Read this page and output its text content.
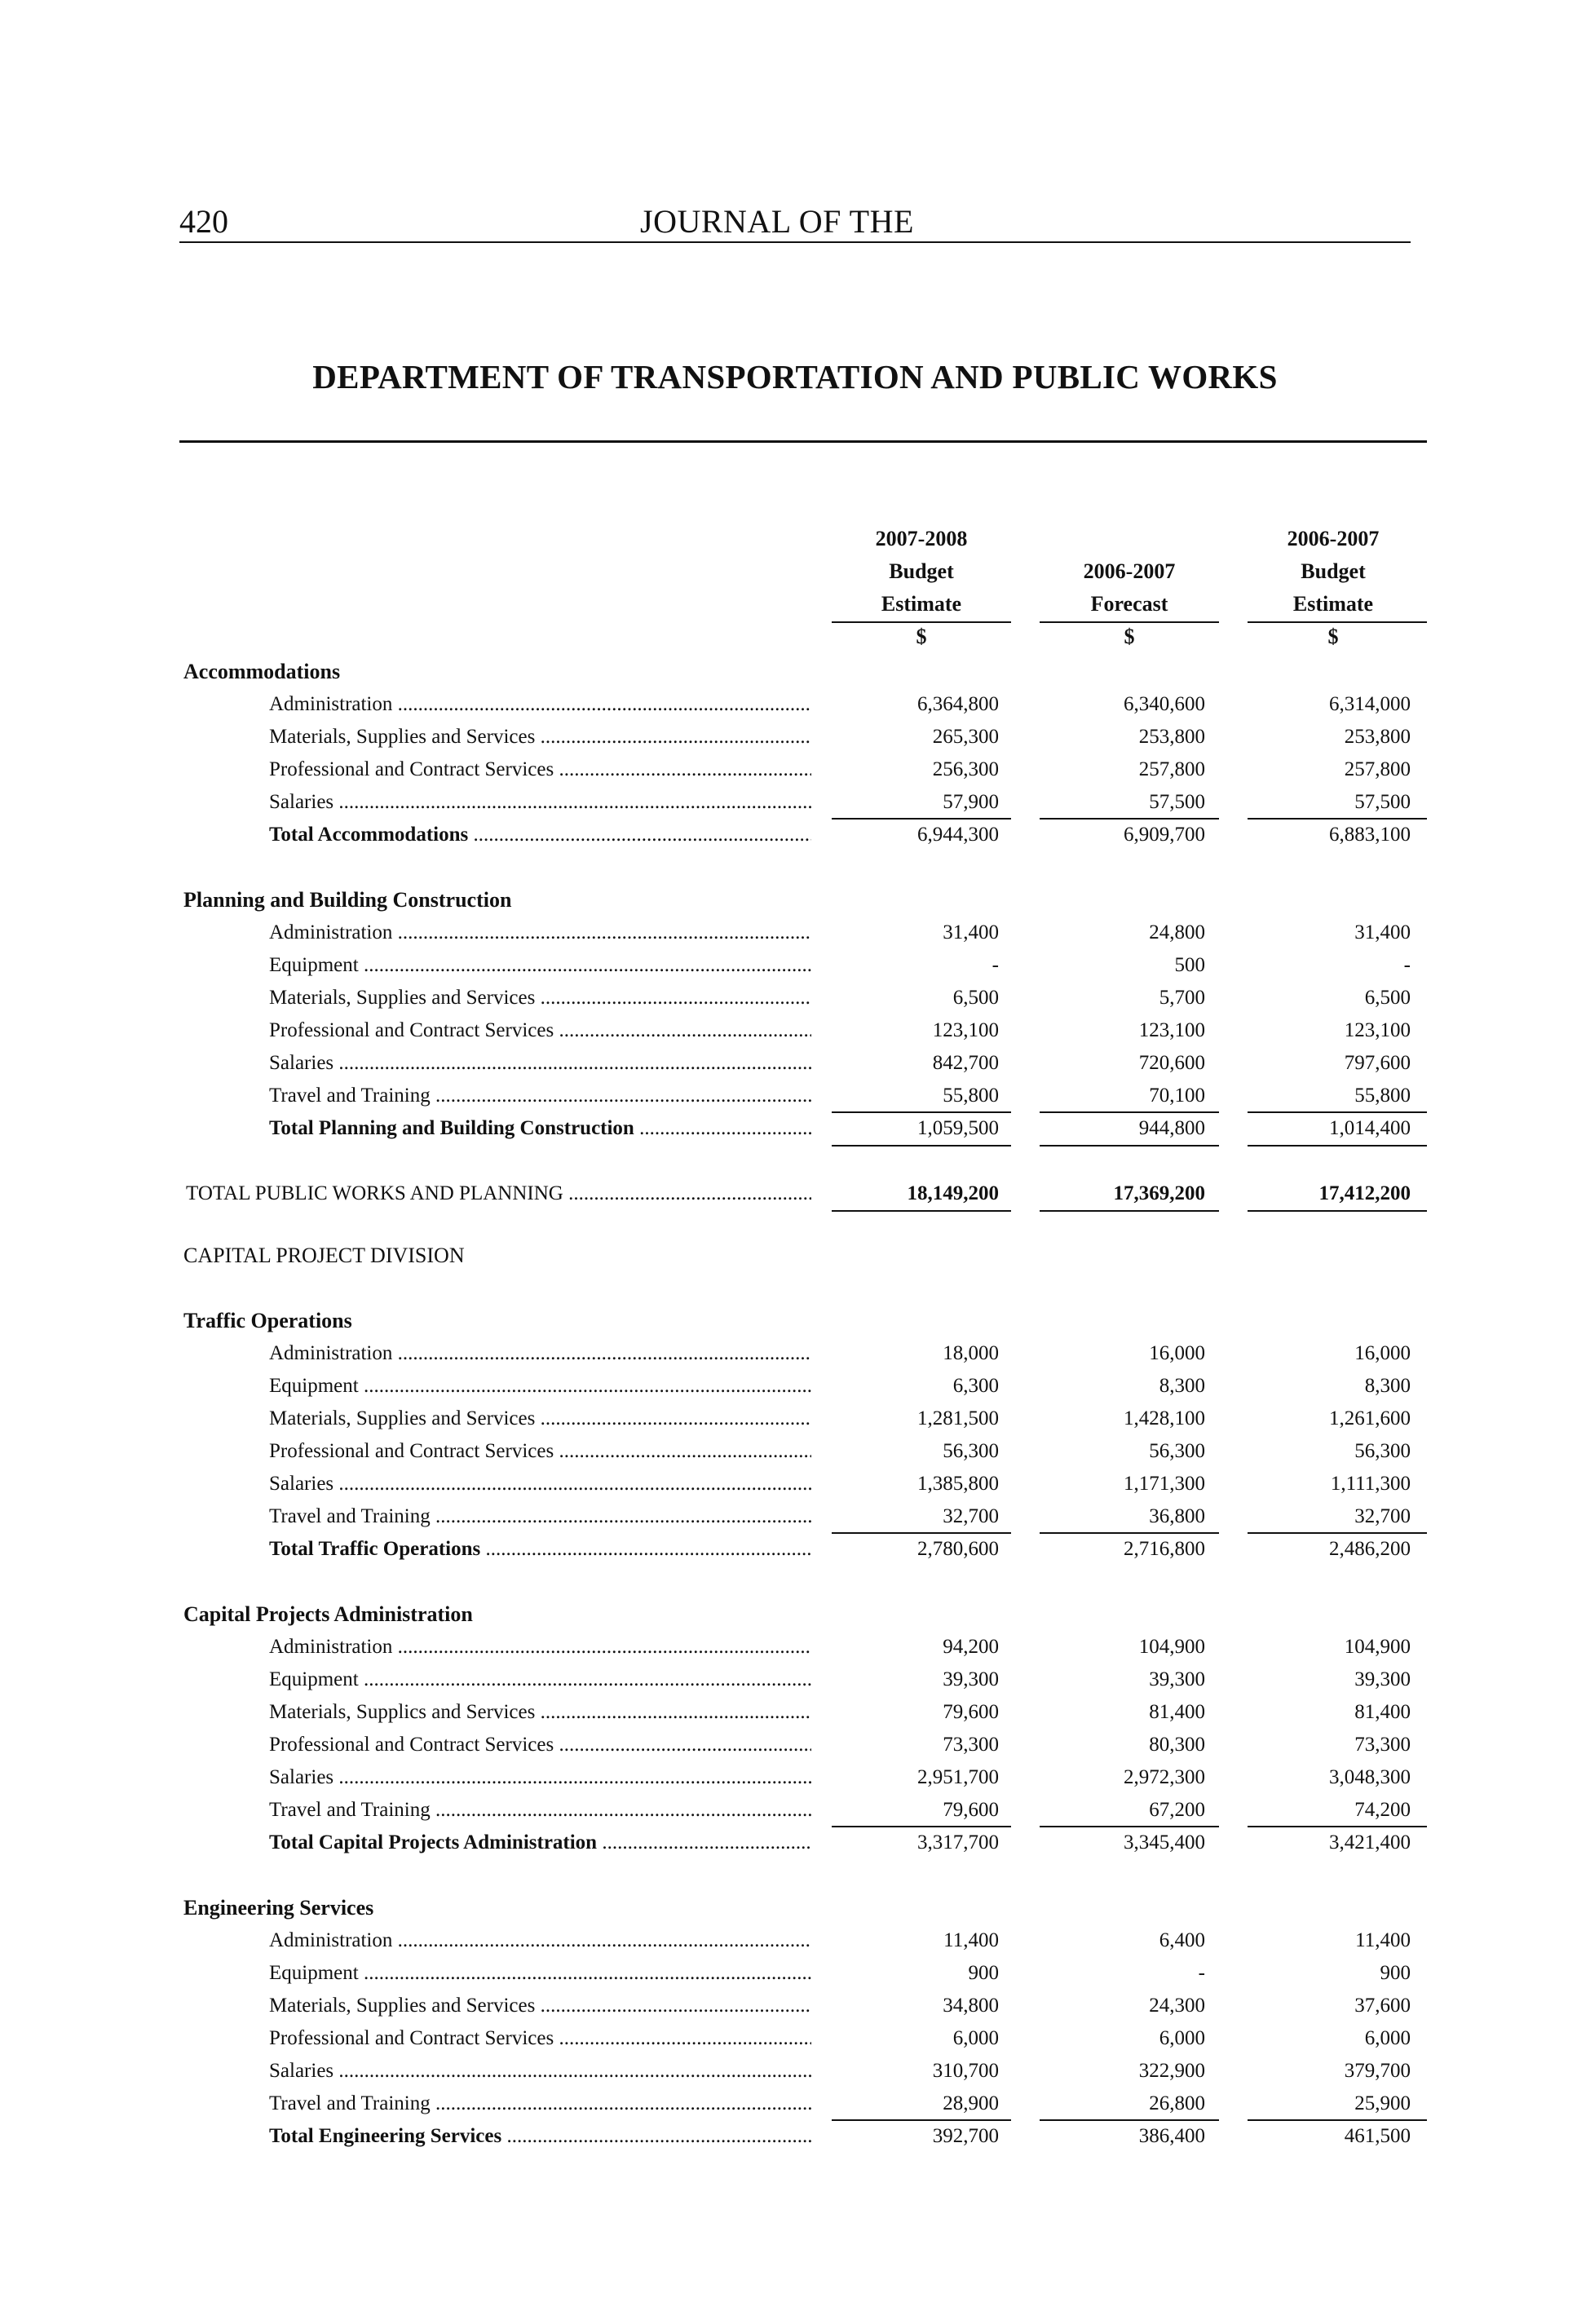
420	JOURNAL OF THE
DEPARTMENT OF TRANSPORTATION AND PUBLIC WORKS
2007-2008
Budget
Estimate
$
2006-2007
Forecast
$
2006-2007
Budget
Estimate
$
Accommodations
Administration .....	6,364,800	6,340,600	6,314,000
Materials, Supplies and Services .....	265,300	253,800	253,800
Professional and Contract Services .....	256,300	257,800	257,800
Salaries .....	57,900	57,500	57,500
Total Accommodations .....	6,944,300	6,909,700	6,883,100
Planning and Building Construction
Administration .....	31,400	24,800	31,400
Equipment .....	-	500	-
Materials, Supplies and Services .....	6,500	5,700	6,500
Professional and Contract Services .....	123,100	123,100	123,100
Salaries .....	842,700	720,600	797,600
Travel and Training .....	55,800	70,100	55,800
Total Planning and Building Construction .....	1,059,500	944,800	1,014,400
TOTAL PUBLIC WORKS AND PLANNING .....	18,149,200	17,369,200	17,412,200
CAPITAL PROJECT DIVISION
Traffic Operations
Administration .....	18,000	16,000	16,000
Equipment .....	6,300	8,300	8,300
Materials, Supplies and Services .....	1,281,500	1,428,100	1,261,600
Professional and Contract Services .....	56,300	56,300	56,300
Salaries .....	1,385,800	1,171,300	1,111,300
Travel and Training .....	32,700	36,800	32,700
Total Traffic Operations .....	2,780,600	2,716,800	2,486,200
Capital Projects Administration
Administration .....	94,200	104,900	104,900
Equipment .....	39,300	39,300	39,300
Materials, Supplics and Services .....	79,600	81,400	81,400
Professional and Contract Services .....	73,300	80,300	73,300
Salaries .....	2,951,700	2,972,300	3,048,300
Travel and Training .....	79,600	67,200	74,200
Total Capital Projects Administration .....	3,317,700	3,345,400	3,421,400
Engineering Services
Administration .....	11,400	6,400	11,400
Equipment .....	900	-	900
Materials, Supplies and Services .....	34,800	24,300	37,600
Professional and Contract Services .....	6,000	6,000	6,000
Salaries .....	310,700	322,900	379,700
Travel and Training .....	28,900	26,800	25,900
Total Engineering Services .....	392,700	386,400	461,500
